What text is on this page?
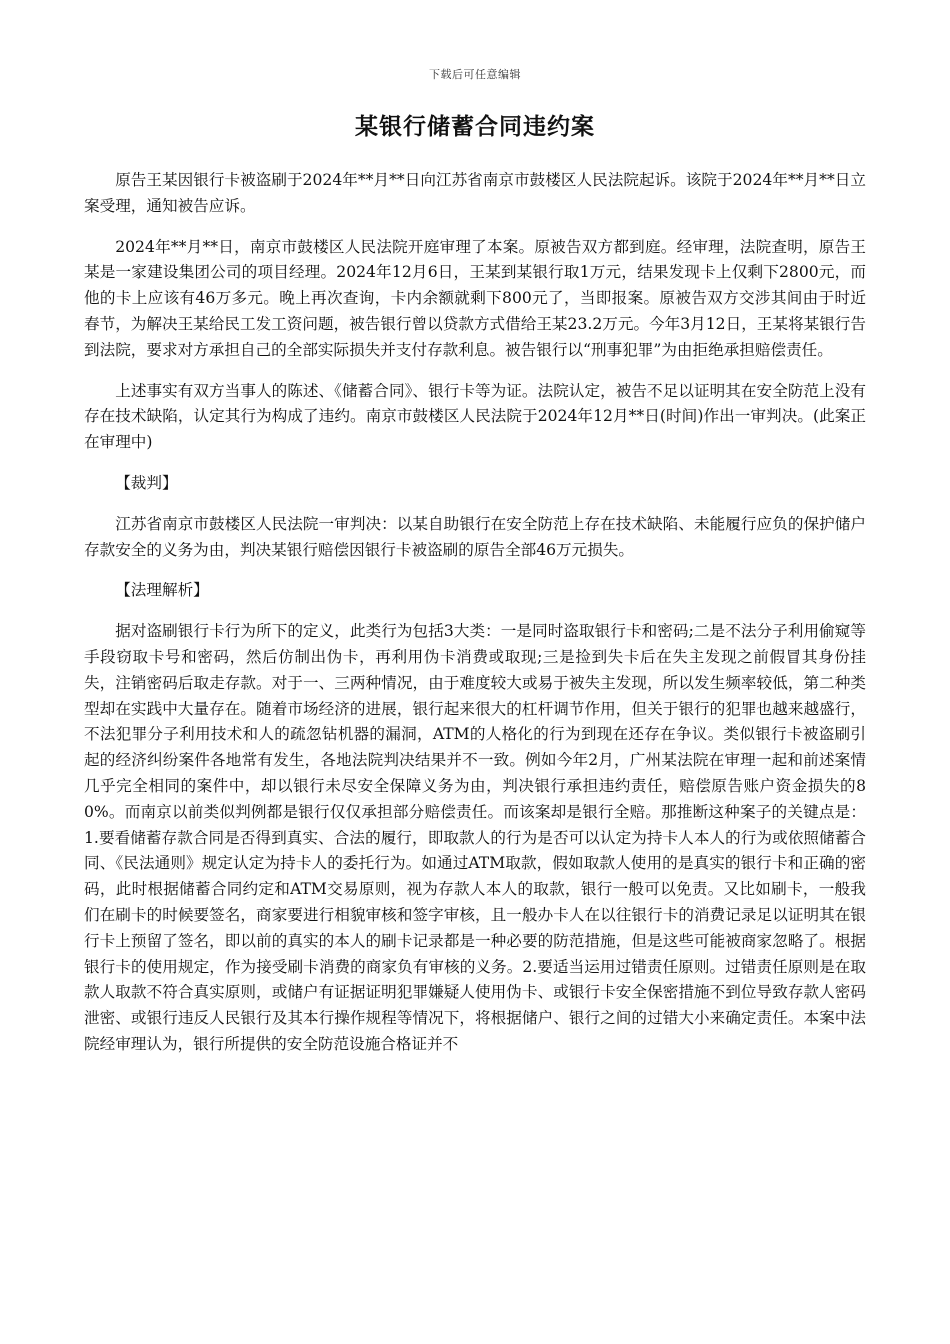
下载后可任意编辑
某银行储蓄合同违约案

原告王某因银行卡被盗刷于2024年**月**日向江苏省南京市鼓楼区人民法院起诉。该院于2024年**月**日立案受理，通知被告应诉。

2024年**月**日，南京市鼓楼区人民法院开庭审理了本案。原被告双方都到庭。经审理，法院查明，原告王某是一家建设集团公司的项目经理。2024年12月6日，王某到某银行取1万元，结果发现卡上仅剩下2800元，而他的卡上应该有46万多元。晚上再次查询，卡内余额就剩下800元了，当即报案。原被告双方交涉其间由于时近春节，为解决王某给民工发工资问题，被告银行曾以贷款方式借给王某23.2万元。今年3月12日，王某将某银行告到法院，要求对方承担自己的全部实际损失并支付存款利息。被告银行以“刑事犯罪”为由拒绝承担赔偿责任。

上述事实有双方当事人的陈述、《储蓄合同》、银行卡等为证。法院认定，被告不足以证明其在安全防范上没有存在技术缺陷，认定其行为构成了违约。南京市鼓楼区人民法院于2024年12月**日(时间)作出一审判决。(此案正在审理中)

【裁判】

江苏省南京市鼓楼区人民法院一审判决：以某自助银行在安全防范上存在技术缺陷、未能履行应负的保护储户存款安全的义务为由，判决某银行赔偿因银行卡被盗刷的原告全部46万元损失。

【法理解析】

据对盗刷银行卡行为所下的定义，此类行为包括3大类：一是同时盗取银行卡和密码;二是不法分子利用偷窥等手段窃取卡号和密码，然后仿制出伪卡，再利用伪卡消费或取现;三是捡到失卡后在失主发现之前假冒其身份挂失，注销密码后取走存款。对于一、三两种情况，由于难度较大或易于被失主发现，所以发生频率较低，第二种类型却在实践中大量存在。随着市场经济的进展，银行起来很大的杠杆调节作用，但关于银行的犯罪也越来越盛行，不法犯罪分子利用技术和人的疏忽钻机器的漏洞，ATM的人格化的行为到现在还存在争议。类似银行卡被盗刷引起的经济纠纷案件各地常有发生，各地法院判决结果并不一致。例如今年2月，广州某法院在审理一起和前述案情几乎完全相同的案件中，却以银行未尽安全保障义务为由，判决银行承担违约责任，赔偿原告账户资金损失的80%。而南京以前类似判例都是银行仅仅承担部分赔偿责任。而该案却是银行全赔。那推断这种案子的关键点是：1.要看储蓄存款合同是否得到真实、合法的履行，即取款人的行为是否可以认定为持卡人本人的行为或依照储蓄合同、《民法通则》规定认定为持卡人的委托行为。如通过ATM取款，假如取款人使用的是真实的银行卡和正确的密码，此时根据储蓄合同约定和ATM交易原则，视为存款人本人的取款，银行一般可以免责。又比如刷卡，一般我们在刷卡的时候要签名，商家要进行相貌审核和签字审核，且一般办卡人在以往银行卡的消费记录足以证明其在银行卡上预留了签名，即以前的真实的本人的刷卡记录都是一种必要的防范措施，但是这些可能被商家忽略了。根据银行卡的使用规定，作为接受刷卡消费的商家负有审核的义务。2.要适当运用过错责任原则。过错责任原则是在取款人取款不符合真实原则，或储户有证据证明犯罪嫌疑人使用伪卡、或银行卡安全保密措施不到位导致存款人密码泄密、或银行违反人民银行及其本行操作规程等情况下，将根据储户、银行之间的过错大小来确定责任。本案中法院经审理认为，银行所提供的安全防范设施合格证并不
